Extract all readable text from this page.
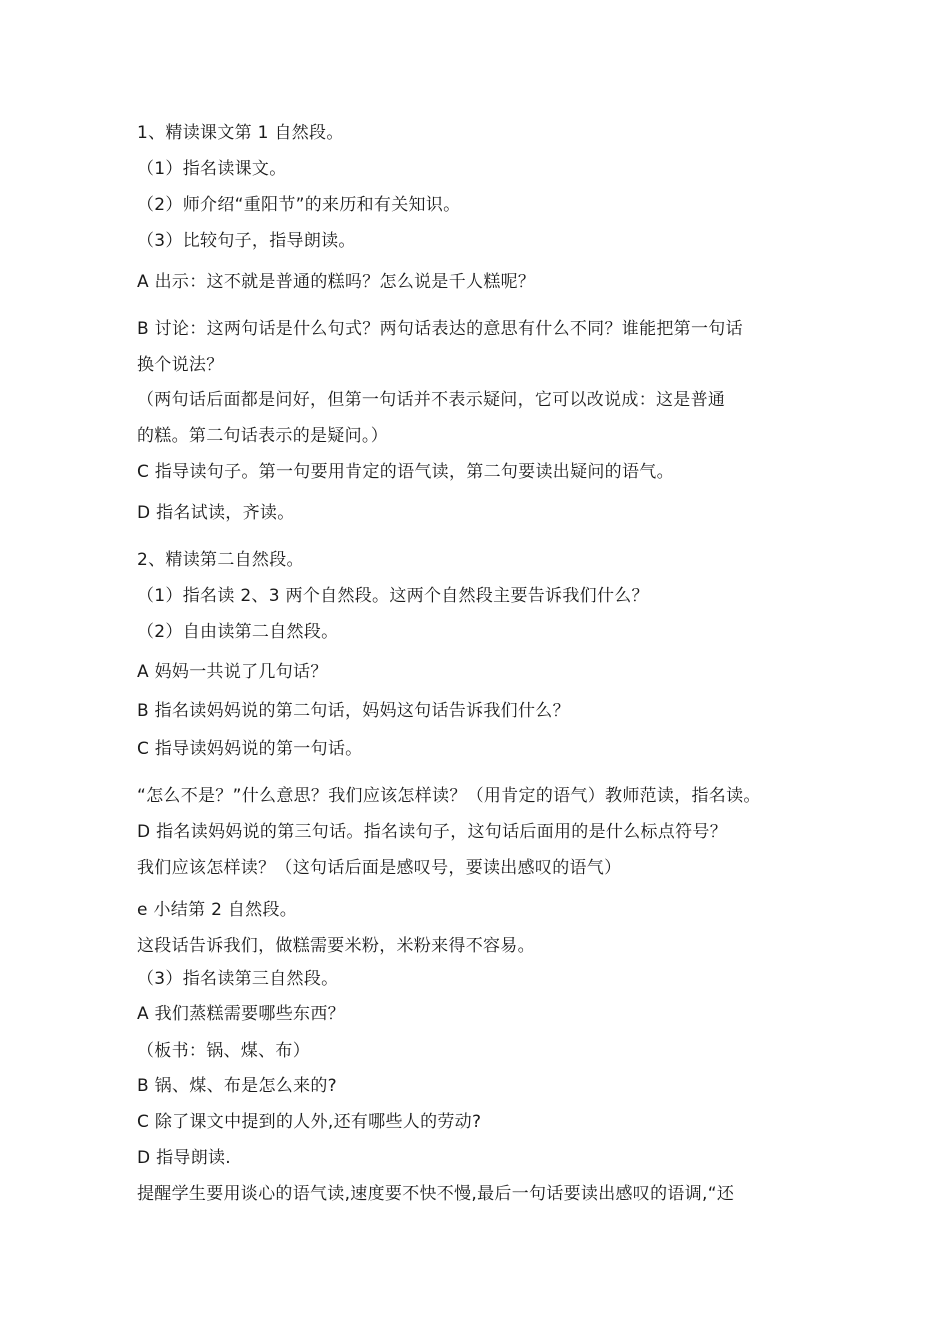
1、精读课文第 1 自然段。
（1）指名读课文。
（2）师介绍“重阳节”的来历和有关知识。
（3）比较句子，指导朗读。
A 出示：这不就是普通的糕吗？怎么说是千人糕呢？
B 讨论：这两句话是什么句式？两句话表达的意思有什么不同？谁能把第一句话
换个说法？
（两句话后面都是问好，但第一句话并不表示疑问，它可以改说成：这是普通
的糕。第二句话表示的是疑问。）
C 指导读句子。第一句要用肯定的语气读，第二句要读出疑问的语气。
D 指名试读，齐读。
2、精读第二自然段。
（1）指名读 2、3 两个自然段。这两个自然段主要告诉我们什么？
（2）自由读第二自然段。
A 妈妈一共说了几句话？
B 指名读妈妈说的第二句话，妈妈这句话告诉我们什么？
C 指导读妈妈说的第一句话。
“怎么不是？”什么意思？我们应该怎样读？（用肯定的语气）教师范读，指名读。
D 指名读妈妈说的第三句话。指名读句子，这句话后面用的是什么标点符号？
我们应该怎样读？（这句话后面是感叹号，要读出感叹的语气）
e 小结第 2 自然段。
这段话告诉我们，做糕需要米粉，米粉来得不容易。
（3）指名读第三自然段。
A 我们蒸糕需要哪些东西？
（板书：锅、煤、布）
B 锅、煤、布是怎么来的?
C 除了课文中提到的人外,还有哪些人的劳动?
D 指导朗读.
提醒学生要用谈心的语气读,速度要不快不慢,最后一句话要读出感叹的语调,“还
